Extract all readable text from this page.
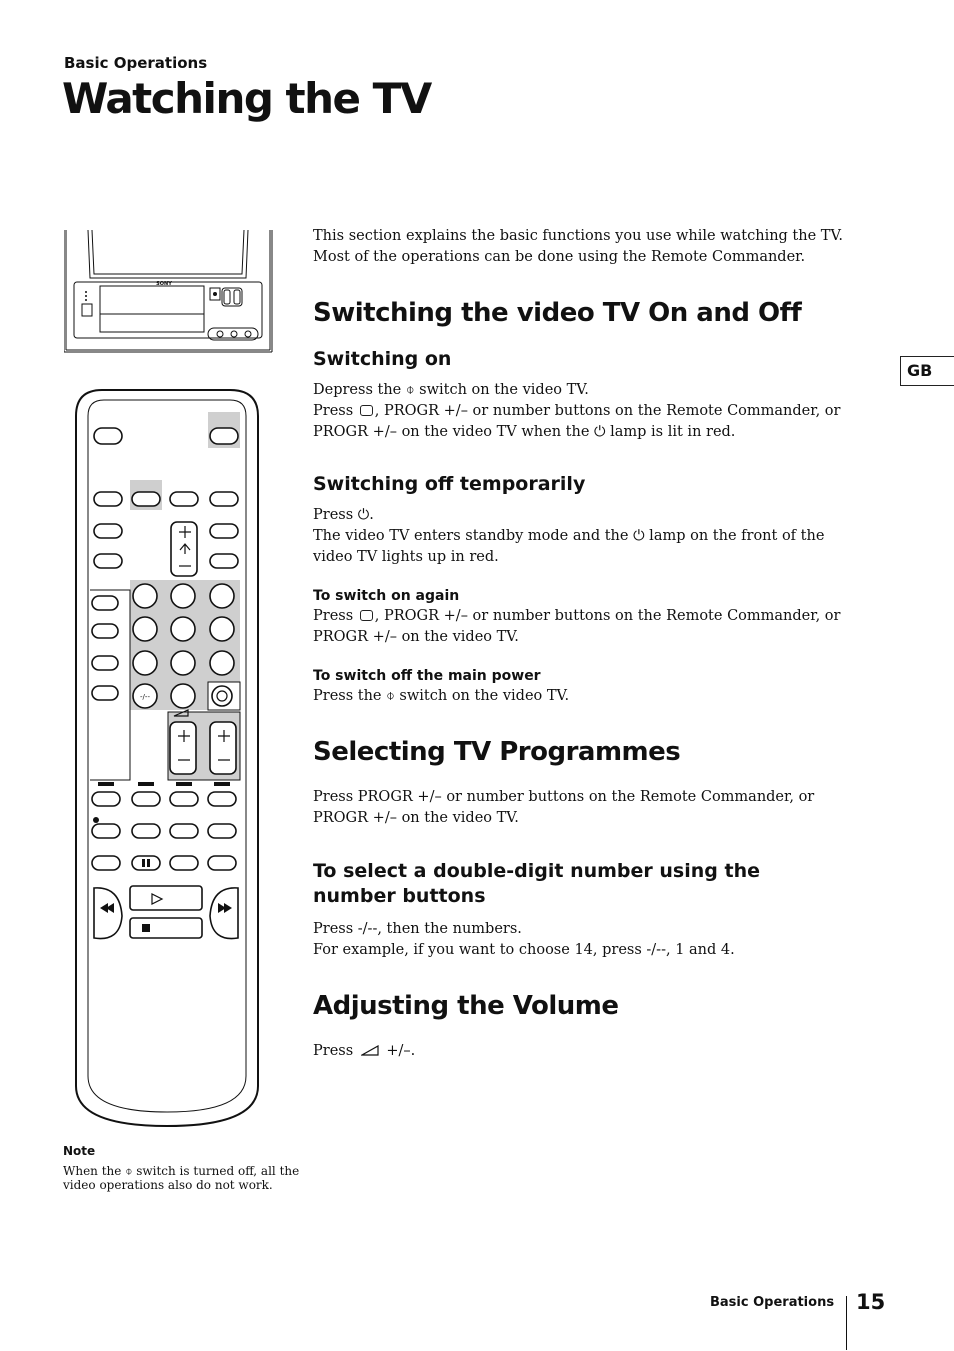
Basic Operations
Watching the TV
GB
SONY
-/--

This section explains the basic functions you use while watching the TV.
Most of the operations can be done using the Remote Commander.

Switching the video TV On and Off
Switching on

Depress the ⌽ switch on the video TV.
Press , PROGR +/– or number buttons on the Remote Commander, or
PROGR +/– on the video TV when the ⏻ lamp is lit in red.

Switching off temporarily

Press ⏻.
The video TV enters standby mode and the ⏻ lamp on the front of the
video TV lights up in red.

To switch on again

Press , PROGR +/– or number buttons on the Remote Commander, or
PROGR +/– on the video TV.

To switch off the main power

Press the ⌽ switch on the video TV.

Selecting TV Programmes

Press PROGR +/– or number buttons on the Remote Commander, or
PROGR +/– on the video TV.

To select a double-digit number using the
number buttons

Press -/--, then the numbers.
For example, if you want to choose 14, press -/--, 1 and 4.

Adjusting the Volume

Press  +/–.

Note

When the ⌽ switch is turned off, all the
video operations also do not work.

Basic Operations 15
